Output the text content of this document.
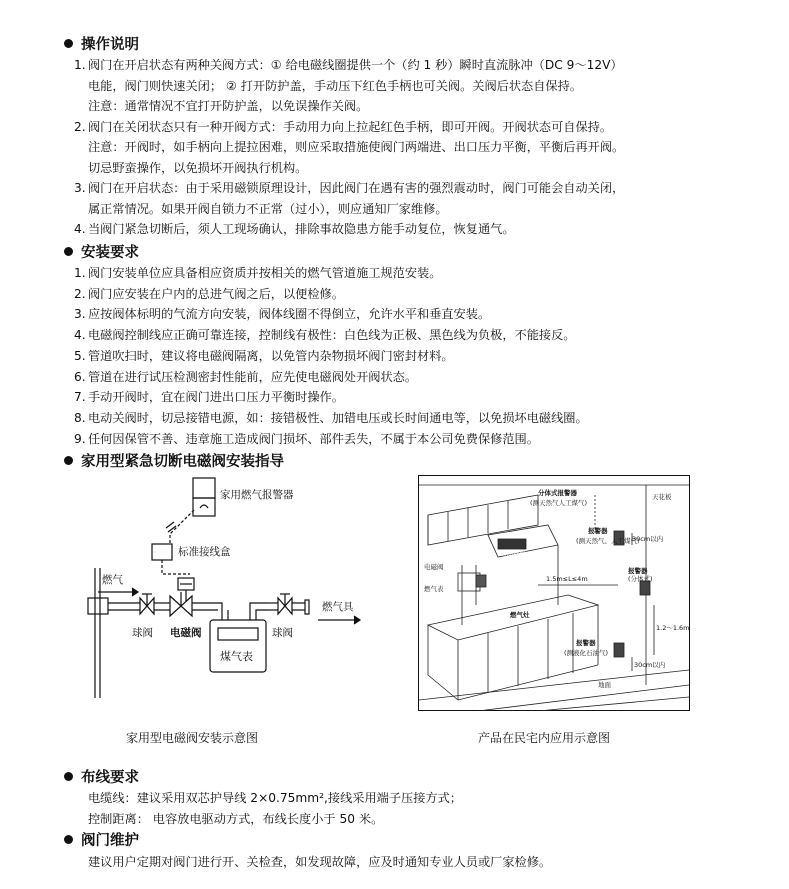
操作说明
1. 阀门在开启状态有两种关阀方式：① 给电磁线圈提供一个（约 1 秒）瞬时直流脉冲（DC 9～12V）
电能，阀门则快速关闭； ② 打开防护盖，手动压下红色手柄也可关阀。关阀后状态自保持。
注意：通常情况不宜打开防护盖，以免误操作关阀。
2. 阀门在关闭状态只有一种开阀方式：手动用力向上拉起红色手柄，即可开阀。开阀状态可自保持。
注意：开阀时，如手柄向上提拉困难，则应采取措施使阀门两端进、出口压力平衡，平衡后再开阀。
切忌野蛮操作，以免损坏开阀执行机构。
3. 阀门在开启状态：由于采用磁锁原理设计，因此阀门在遇有害的强烈震动时，阀门可能会自动关闭，
属正常情况。如果开阀自锁力不正常（过小），则应通知厂家维修。
4. 当阀门紧急切断后，须人工现场确认，排除事故隐患方能手动复位，恢复通气。
安装要求
1. 阀门安装单位应具备相应资质并按相关的燃气管道施工规范安装。
2. 阀门应安装在户内的总进气阀之后，以便检修。
3. 应按阀体标明的气流方向安装，阀体线圈不得倒立，允许水平和垂直安装。
4. 电磁阀控制线应正确可靠连接，控制线有极性：白色线为正极、黑色线为负极，不能接反。
5. 管道吹扫时，建议将电磁阀隔离，以免管内杂物损坏阀门密封材料。
6. 管道在进行试压检测密封性能前，应先使电磁阀处开阀状态。
7. 手动开阀时，宜在阀门进出口压力平衡时操作。
8. 电动关阀时，切忌接错电源，如：接错极性、加错电压或长时间通电等，以免损坏电磁线圈。
9. 任何因保管不善、违章施工造成阀门损坏、部件丢失，不属于本公司免费保修范围。
家用型紧急切断电磁阀安装指导
家用燃气报警器
标准接线盒
燃气
球阀 电磁阀	球阀
燃气具
煤气表
家用型电磁阀安装示意图
分体式报警器
(测天然气人工煤气)
天花板
报警器
(测天然气、人工煤气)
30cm以内
抽油烟机
1.5m≤L≤4m
报警器
(分体式)
电磁阀
燃气表
燃气灶
1.2～1.6m
报警器
(测液化石油气)
30cm以内
地面
产品在民宅内应用示意图
布线要求
电缆线：建议采用双芯护导线 2×0.75mm²,接线采用端子压接方式；
控制距离： 电容放电驱动方式，布线长度小于 50 米。
阀门维护
建议用户定期对阀门进行开、关检查，如发现故障，应及时通知专业人员或厂家检修。
